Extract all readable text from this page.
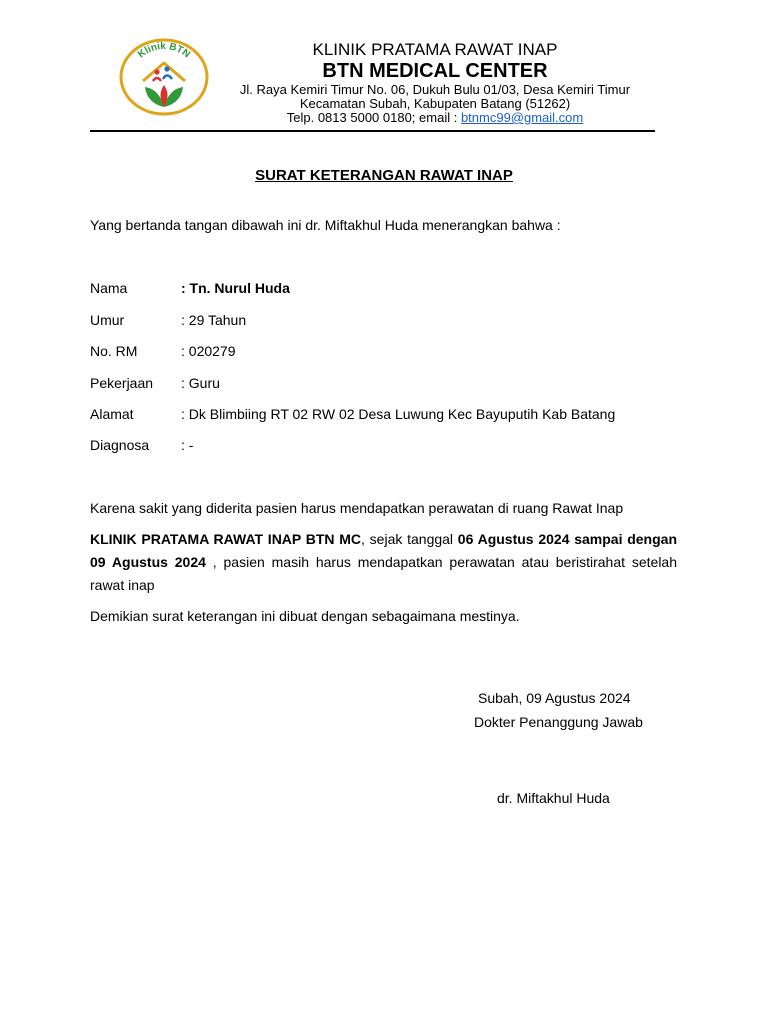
Klinik BTN	KLINIK PRATAMA RAWAT INAP
BTN MEDICAL CENTER
Jl. Raya Kemiri Timur No. 06, Dukuh Bulu 01/03, Desa Kemiri Timur
Kecamatan Subah, Kabupaten Batang (51262)
Telp. 0813 5000 0180; email : btnmc99@gmail.com
SURAT KETERANGAN RAWAT INAP
Yang bertanda tangan dibawah ini dr. Miftakhul Huda menerangkan bahwa :
Nama	: Tn. Nurul Huda
Umur	: 29 Tahun
No. RM	: 020279
Pekerjaan : Guru
Alamat	: Dk Blimbiing RT 02 RW 02 Desa Luwung Kec Bayuputih Kab Batang
Diagnosa : -
Karena sakit yang diderita pasien harus mendapatkan perawatan di ruang Rawat Inap
KLINIK PRATAMA RAWAT INAP BTN MC, sejak tanggal 06 Agustus 2024 sampai dengan 09 Agustus 2024 , pasien masih harus mendapatkan perawatan atau beristirahat setelah rawat inap
Demikian surat keterangan ini dibuat dengan sebagaimana mestinya.
Subah, 09 Agustus 2024
Dokter Penanggung Jawab
dr. Miftakhul Huda
